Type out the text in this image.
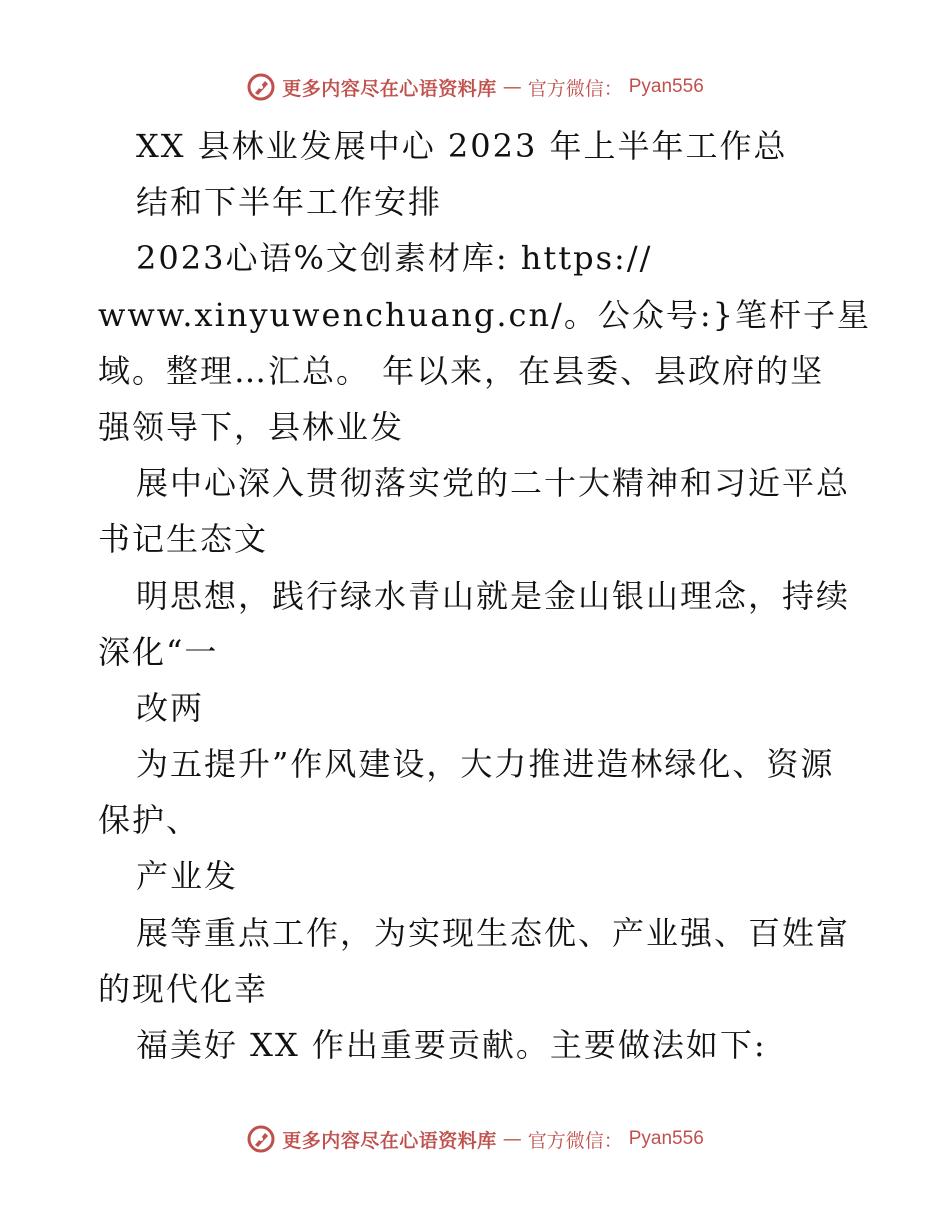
更多内容尽在心语资料库 — 官方微信： Pyan556
XX 县林业发展中心 2023 年上半年工作总
结和下半年工作安排
2023心语%文创素材库: https://
www.xinyuwenchuang.cn/。公众号:}笔杆子星
域。整理…汇总。 年以来，在县委、县政府的坚
强领导下，县林业发
展中心深入贯彻落实党的二十大精神和习近平总
书记生态文
明思想，践行绿水青山就是金山银山理念，持续
深化“一
改两
为五提升”作风建设，大力推进造林绿化、资源
保护、
产业发
展等重点工作，为实现生态优、产业强、百姓富
的现代化幸
福美好 XX 作出重要贡献。主要做法如下:
更多内容尽在心语资料库 — 官方微信： Pyan556
